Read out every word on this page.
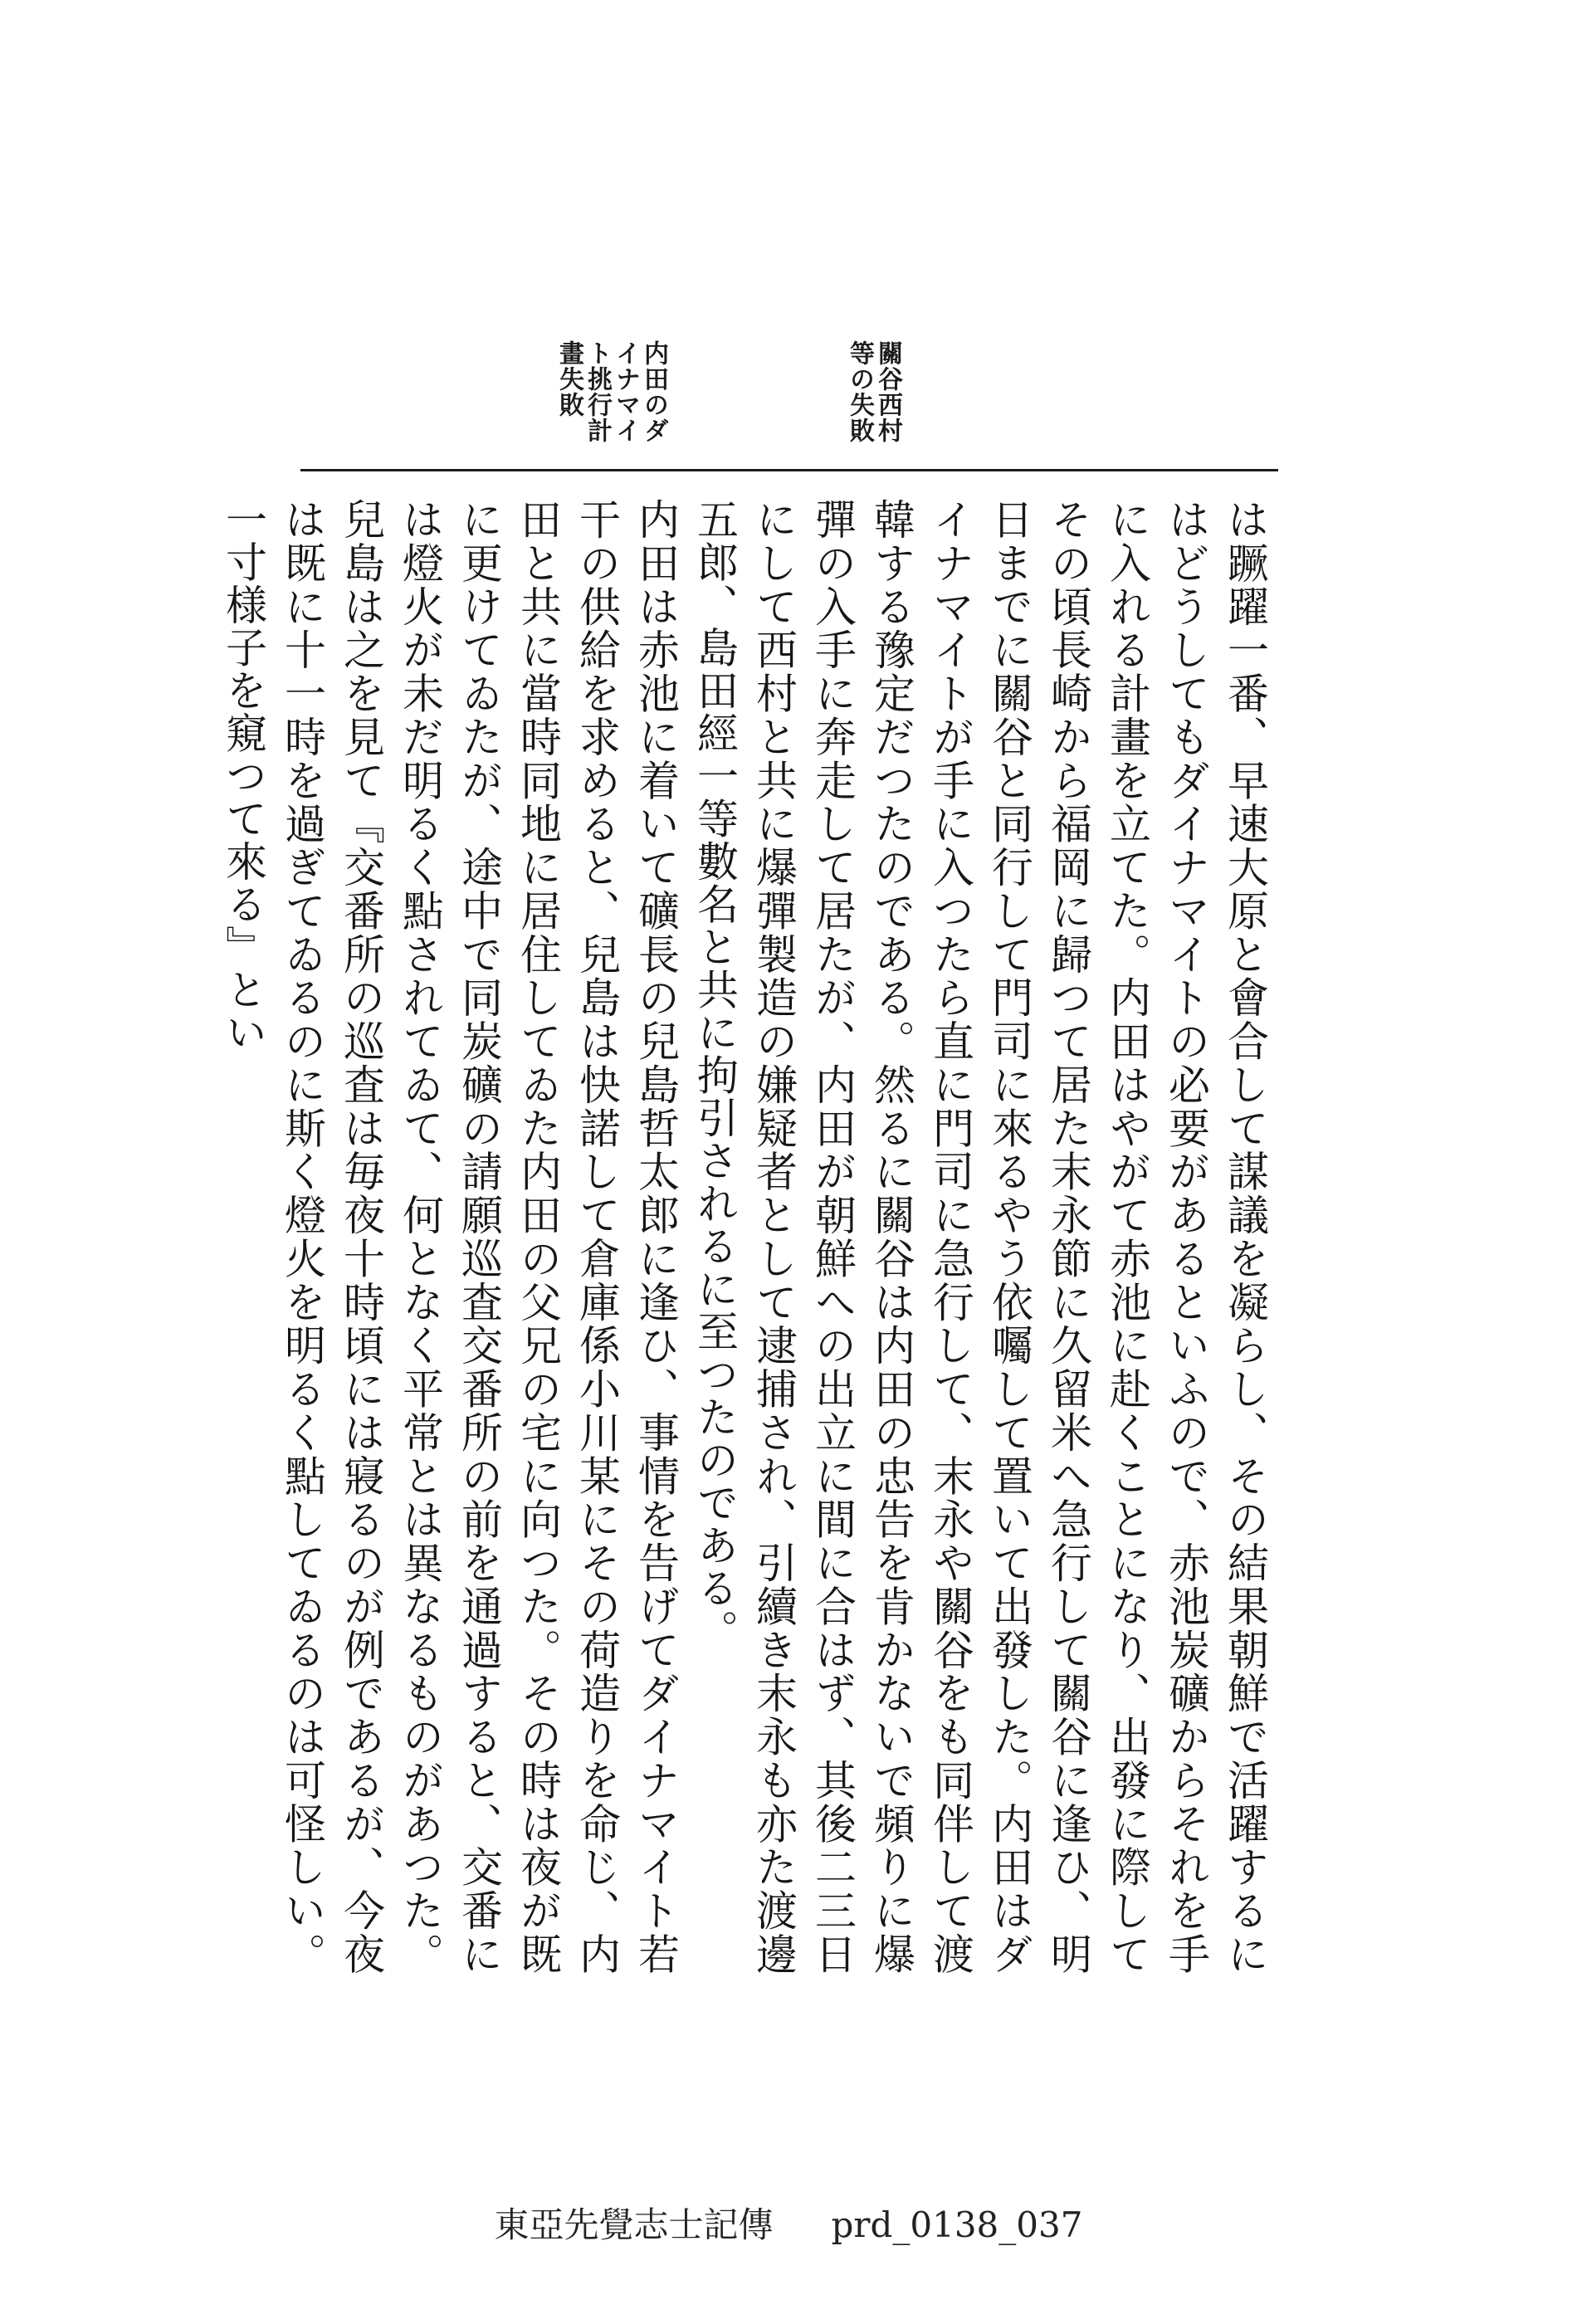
關谷西村等の失敗
内田のダイナマイト挑行計畫失敗

は蹶躍一番、早速大原と會合して謀議を凝らし、その結果朝鮮で活躍するにはどうしてもダイナマイトの必要があるといふので、赤池炭礦からそれを手に入れる計畫を立てた。内田はやがて赤池に赴くことになり、出發に際してその頃長崎から福岡に歸つて居た末永節に久留米へ急行して關谷に逢ひ、明日までに關谷と同行して門司に來るやう依囑して置いて出發した。内田はダイナマイトが手に入つたら直に門司に急行して、末永や關谷をも同伴して渡韓する豫定だつたのである。然るに關谷は内田の忠告を肯かないで頻りに爆彈の入手に奔走して居たが、内田が朝鮮への出立に間に合はず、其後二三日にして西村と共に爆彈製造の嫌疑者として逮捕され、引續き末永も亦た渡邊五郎、島田經一等數名と共に拘引されるに至つたのである。

内田は赤池に着いて礦長の兒島哲太郎に逢ひ、事情を告げてダイナマイト若干の供給を求めると、兒島は快諾して倉庫係小川某にその荷造りを命じ、内田と共に當時同地に居住してゐた内田の父兄の宅に向つた。その時は夜が既に更けてゐたが、途中で同炭礦の請願巡査交番所の前を通過すると、交番には燈火が未だ明るく點されてゐて、何となく平常とは異なるものがあつた。兒島は之を見て『交番所の巡査は毎夜十時頃には寢るのが例であるが、今夜は既に十一時を過ぎてゐるのに斯く燈火を明るく點してゐるのは可怪しい。一寸様子を窺つて來る』とい

東亞先覺志士記傳 prd_0138_037
